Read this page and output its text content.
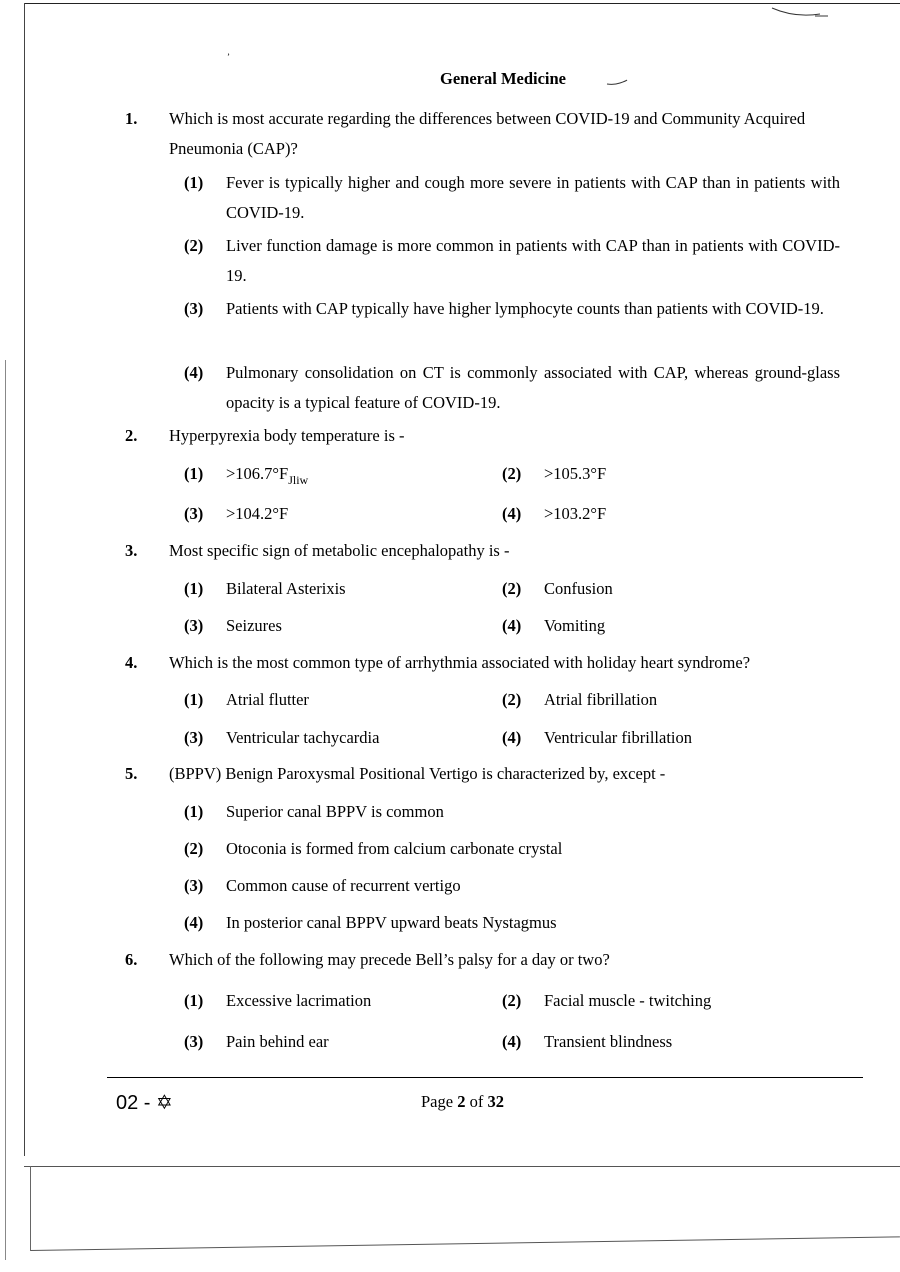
ʼ
General Medicine
1. Which is most accurate regarding the differences between COVID-19 and Community Acquired Pneumonia (CAP)?
(1) Fever is typically higher and cough more severe in patients with CAP than in patients with COVID-19.
(2) Liver function damage is more common in patients with CAP than in patients with COVID-19.
(3) Patients with CAP typically have higher lymphocyte counts than patients with COVID-19.
(4) Pulmonary consolidation on CT is commonly associated with CAP, whereas ground-glass opacity is a typical feature of COVID-19.
2. Hyperpyrexia body temperature is -
$(1) >106.7^\circ F_{Jliw}$	(2) >105.3°F
(3) >104.2°F	(4) >103.2°F
3. Most specific sign of metabolic encephalopathy is -
(1) Bilateral Asterixis	(2) Confusion
(3) Seizures	(4) Vomiting
4. Which is the most common type of arrhythmia associated with holiday heart syndrome?
(1) Atrial flutter	(2) Atrial fibrillation
(3) Ventricular tachycardia	(4) Ventricular fibrillation
5. (BPPV) Benign Paroxysmal Positional Vertigo is characterized by, except -
(1) Superior canal BPPV is common
(2) Otoconia is formed from calcium carbonate crystal
(3) Common cause of recurrent vertigo
(4) In posterior canal BPPV upward beats Nystagmus
6. Which of the following may precede Bell’s palsy for a day or two?
(1) Excessive lacrimation	(2) Facial muscle - twitching
(3) Pain behind ear	(4) Transient blindness
02 - ✡	Page 2 of 32
